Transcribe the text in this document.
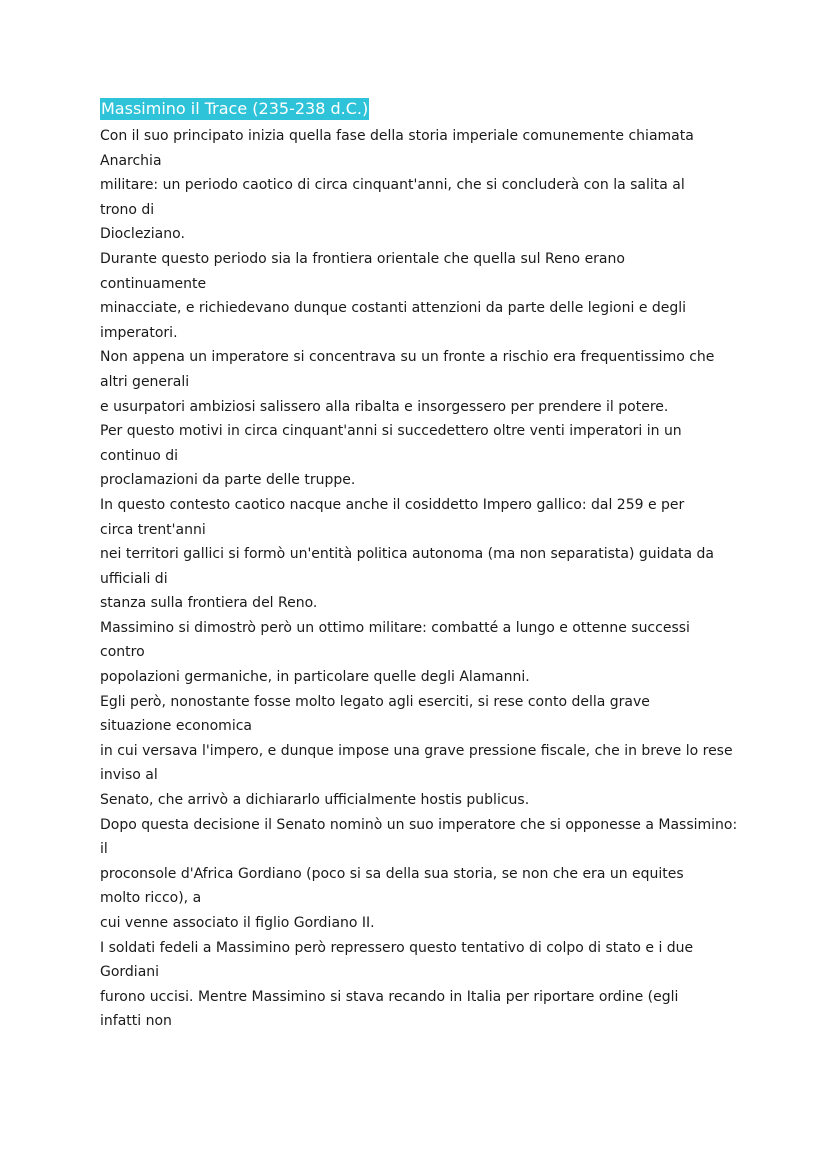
Massimino il Trace (235-238 d.C.)

Con il suo principato inizia quella fase della storia imperiale comunemente chiamata

Anarchia

militare: un periodo caotico di circa cinquant'anni, che si concluderà con la salita al

trono di

Diocleziano.

Durante questo periodo sia la frontiera orientale che quella sul Reno erano

continuamente

minacciate, e richiedevano dunque costanti attenzioni da parte delle legioni e degli

imperatori.

Non appena un imperatore si concentrava su un fronte a rischio era frequentissimo che

altri generali

e usurpatori ambiziosi salissero alla ribalta e insorgessero per prendere il potere.

Per questo motivi in circa cinquant'anni si succedettero oltre venti imperatori in un

continuo di

proclamazioni da parte delle truppe.

In questo contesto caotico nacque anche il cosiddetto Impero gallico: dal 259 e per

circa trent'anni

nei territori gallici si formò un'entità politica autonoma (ma non separatista) guidata da

ufficiali di

stanza sulla frontiera del Reno.

Massimino si dimostrò però un ottimo militare: combatté a lungo e ottenne successi

contro

popolazioni germaniche, in particolare quelle degli Alamanni.

Egli però, nonostante fosse molto legato agli eserciti, si rese conto della grave

situazione economica

in cui versava l'impero, e dunque impose una grave pressione fiscale, che in breve lo rese

inviso al

Senato, che arrivò a dichiararlo ufficialmente hostis publicus.

Dopo questa decisione il Senato nominò un suo imperatore che si opponesse a Massimino:

il

proconsole d'Africa Gordiano (poco si sa della sua storia, se non che era un equites

molto ricco), a

cui venne associato il figlio Gordiano II.

I soldati fedeli a Massimino però repressero questo tentativo di colpo di stato e i due

Gordiani

furono uccisi. Mentre Massimino si stava recando in Italia per riportare ordine (egli

infatti non
